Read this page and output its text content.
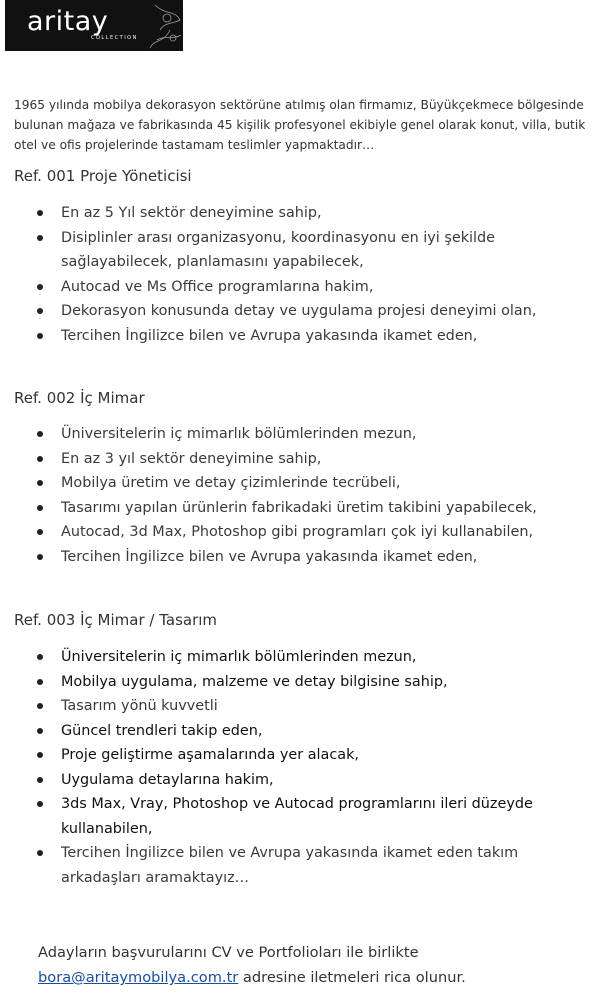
aritay
COLLECTION

1965 yılında mobilya dekorasyon sektörüne atılmış olan firmamız, Büyükçekmece bölgesinde bulunan mağaza ve fabrikasında 45 kişilik profesyonel ekibiyle genel olarak konut, villa, butik otel ve ofis projelerinde tastamam teslimler yapmaktadır…

Ref. 001 Proje Yöneticisi
En az 5 Yıl sektör deneyimine sahip,
Disiplinler arası organizasyonu, koordinasyonu en iyi şekilde sağlayabilecek, planlamasını yapabilecek,
Autocad ve Ms Office programlarına hakim,
Dekorasyon konusunda detay ve uygulama projesi deneyimi olan,
Tercihen İngilizce bilen ve Avrupa yakasında ikamet eden,
Ref. 002 İç Mimar
Üniversitelerin iç mimarlık bölümlerinden mezun,
En az 3 yıl sektör deneyimine sahip,
Mobilya üretim ve detay çizimlerinde tecrübeli,
Tasarımı yapılan ürünlerin fabrikadaki üretim takibini yapabilecek,
Autocad, 3d Max, Photoshop gibi programları çok iyi kullanabilen,
Tercihen İngilizce bilen ve Avrupa yakasında ikamet eden,
Ref. 003 İç Mimar / Tasarım
Üniversitelerin iç mimarlık bölümlerinden mezun,
Mobilya uygulama, malzeme ve detay bilgisine sahip,
Tasarım yönü kuvvetli
Güncel trendleri takip eden,
Proje geliştirme aşamalarında yer alacak,
Uygulama detaylarına hakim,
3ds Max, Vray, Photoshop ve Autocad programlarını ileri düzeyde kullanabilen,
Tercihen İngilizce bilen ve Avrupa yakasında ikamet eden takım arkadaşları aramaktayız…
Adayların başvurularını CV ve Portfolioları ile birlikte
bora@aritaymobilya.com.tr adresine iletmeleri rica olunur.
